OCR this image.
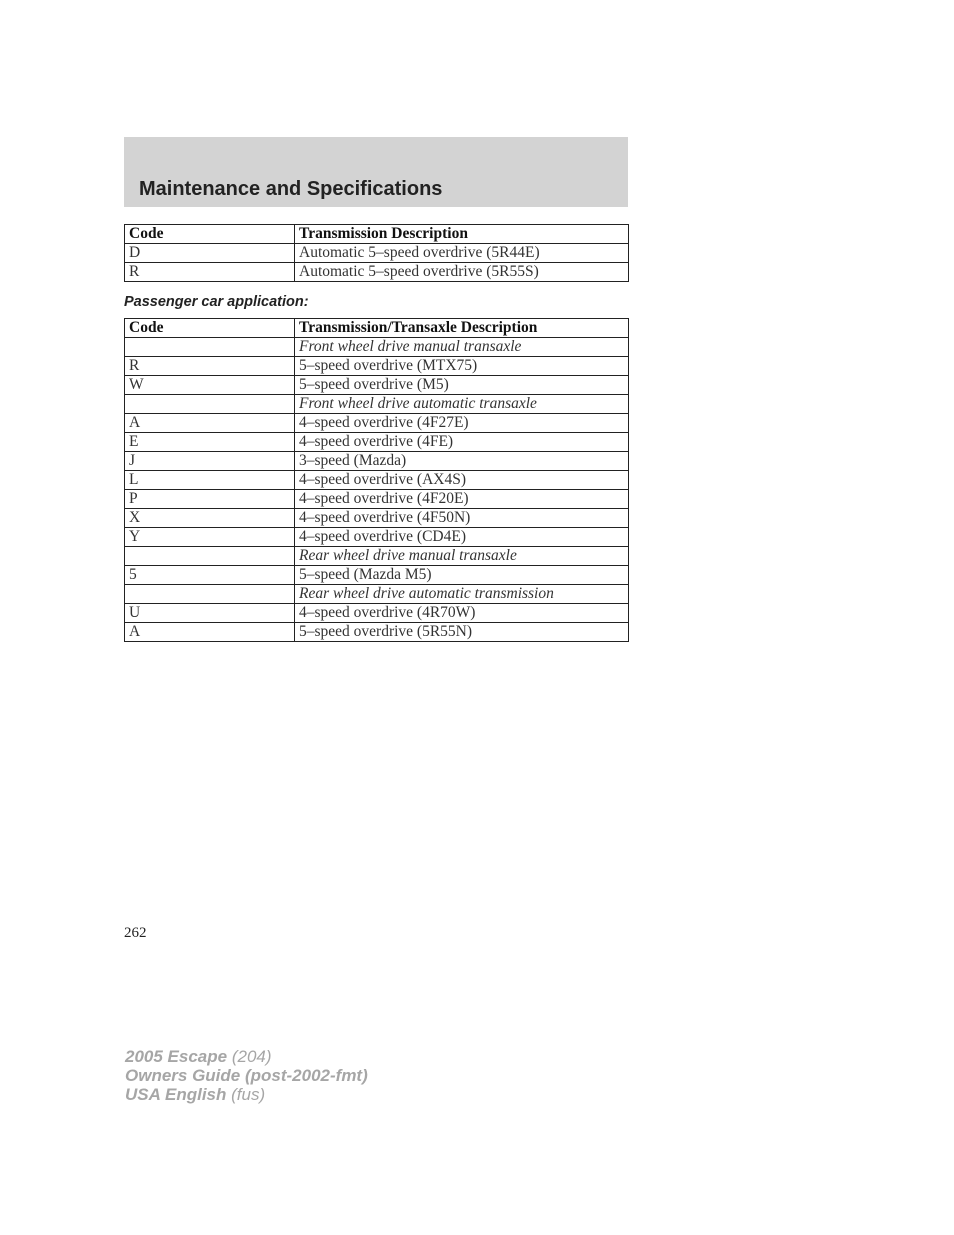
Maintenance and Specifications
Code	Transmission Description
D	Automatic 5–speed overdrive (5R44E)
R	Automatic 5–speed overdrive (5R55S)

Passenger car application:

Code	Transmission/Transaxle Description
	Front wheel drive manual transaxle
R	5–speed overdrive (MTX75)
W	5–speed overdrive (M5)
	Front wheel drive automatic transaxle
A	4–speed overdrive (4F27E)
E	4–speed overdrive (4FE)
J	3–speed (Mazda)
L	4–speed overdrive (AX4S)
P	4–speed overdrive (4F20E)
X	4–speed overdrive (4F50N)
Y	4–speed overdrive (CD4E)
	Rear wheel drive manual transaxle
5	5–speed (Mazda M5)
	Rear wheel drive automatic transmission
U	4–speed overdrive (4R70W)
A	5–speed overdrive (5R55N)
262
2005 Escape (204)
Owners Guide (post-2002-fmt)
USA English (fus)
